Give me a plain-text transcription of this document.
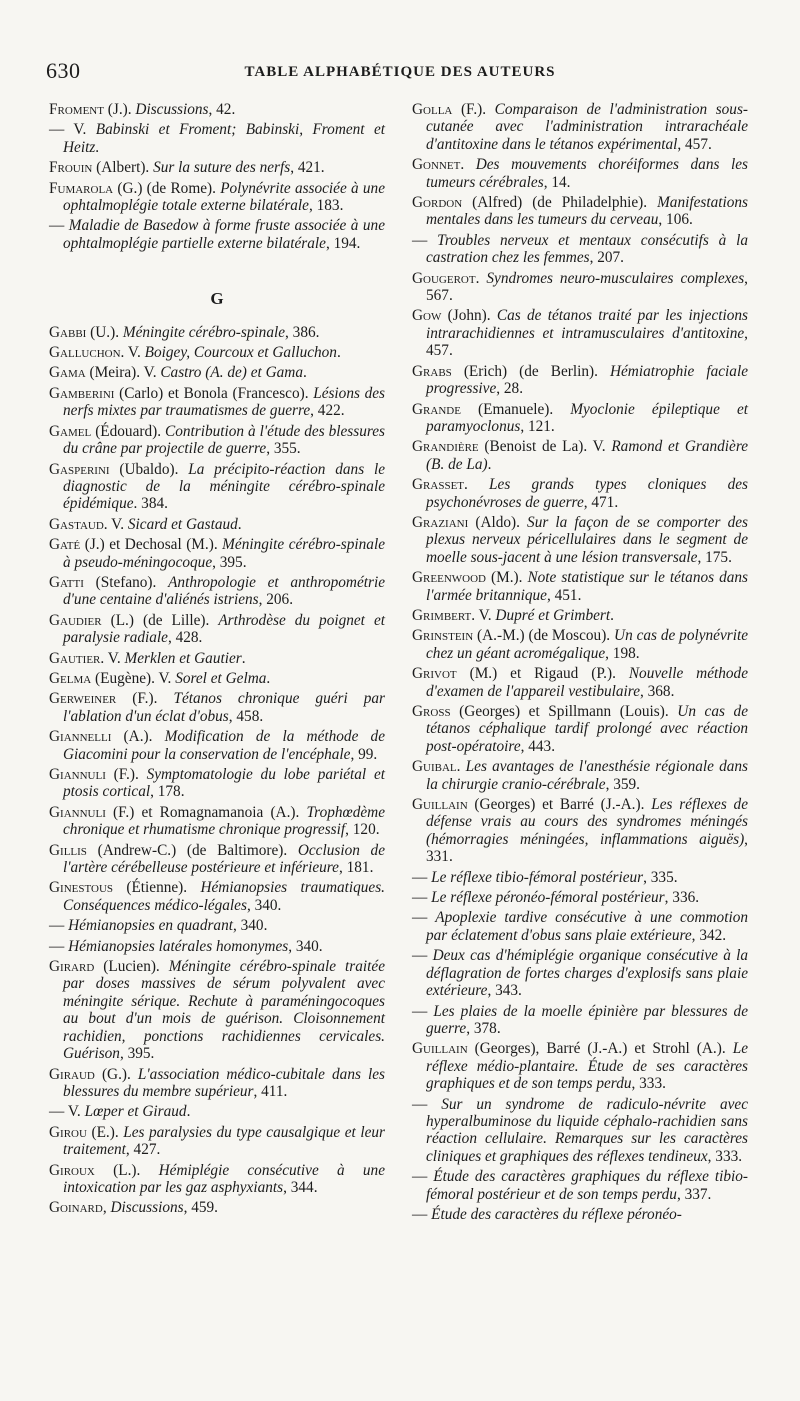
630	TABLE ALPHABÉTIQUE DES AUTEURS

Froment (J.). Discussions, 42.

— V. Babinski et Froment; Babinski, Froment et Heitz.

Frouin (Albert). Sur la suture des nerfs, 421.

Fumarola (G.) (de Rome). Polynévrite associée à une ophtalmoplégie totale externe bilatérale, 183.

— Maladie de Basedow à forme fruste associée à une ophtalmoplégie partielle externe bilatérale, 194.

G

Gabbi (U.). Méningite cérébro-spinale, 386.

Galluchon. V. Boigey, Courcoux et Galluchon.

Gama (Meira). V. Castro (A. de) et Gama.

Gamberini (Carlo) et Bonola (Francesco). Lésions des nerfs mixtes par traumatismes de guerre, 422.

Gamel (Édouard). Contribution à l'étude des blessures du crâne par projectile de guerre, 355.

Gasperini (Ubaldo). La précipito-réaction dans le diagnostic de la méningite cérébro-spinale épidémique. 384.

Gastaud. V. Sicard et Gastaud.

Gaté (J.) et Dechosal (M.). Méningite cérébro-spinale à pseudo-méningocoque, 395.

Gatti (Stefano). Anthropologie et anthropométrie d'une centaine d'aliénés istriens, 206.

Gaudier (L.) (de Lille). Arthrodèse du poignet et paralysie radiale, 428.

Gautier. V. Merklen et Gautier.

Gelma (Eugène). V. Sorel et Gelma.

Gerweiner (F.). Tétanos chronique guéri par l'ablation d'un éclat d'obus, 458.

Giannelli (A.). Modification de la méthode de Giacomini pour la conservation de l'encéphale, 99.

Giannuli (F.). Symptomatologie du lobe pariétal et ptosis cortical, 178.

Giannuli (F.) et Romagnamanoia (A.). Trophœdème chronique et rhumatisme chronique progressif, 120.

Gillis (Andrew-C.) (de Baltimore). Occlusion de l'artère cérébelleuse postérieure et inférieure, 181.

Ginestous (Étienne). Hémianopsies traumatiques. Conséquences médico-légales, 340.

— Hémianopsies en quadrant, 340.

— Hémianopsies latérales homonymes, 340.

Girard (Lucien). Méningite cérébro-spinale traitée par doses massives de sérum polyvalent avec méningite sérique. Rechute à paraméningocoques au bout d'un mois de guérison. Cloisonnement rachidien, ponctions rachidiennes cervicales. Guérison, 395.

Giraud (G.). L'association médico-cubitale dans les blessures du membre supérieur, 411.

— V. Lœper et Giraud.

Girou (E.). Les paralysies du type causalgique et leur traitement, 427.

Giroux (L.). Hémiplégie consécutive à une intoxication par les gaz asphyxiants, 344.

Goinard, Discussions, 459.

Golla (F.). Comparaison de l'administration sous-cutanée avec l'administration intrarachéale d'antitoxine dans le tétanos expérimental, 457.

Gonnet. Des mouvements choréiformes dans les tumeurs cérébrales, 14.

Gordon (Alfred) (de Philadelphie). Manifestations mentales dans les tumeurs du cerveau, 106.

— Troubles nerveux et mentaux consécutifs à la castration chez les femmes, 207.

Gougerot. Syndromes neuro-musculaires complexes, 567.

Gow (John). Cas de tétanos traité par les injections intrarachidiennes et intramusculaires d'antitoxine, 457.

Grabs (Erich) (de Berlin). Hémiatrophie faciale progressive, 28.

Grande (Emanuele). Myoclonie épileptique et paramyoclonus, 121.

Grandière (Benoist de La). V. Ramond et Grandière (B. de La).

Grasset. Les grands types cloniques des psychonévroses de guerre, 471.

Graziani (Aldo). Sur la façon de se comporter des plexus nerveux péricellulaires dans le segment de moelle sous-jacent à une lésion transversale, 175.

Greenwood (M.). Note statistique sur le tétanos dans l'armée britannique, 451.

Grimbert. V. Dupré et Grimbert.

Grinstein (A.-M.) (de Moscou). Un cas de polynévrite chez un géant acromégalique, 198.

Grivot (M.) et Rigaud (P.). Nouvelle méthode d'examen de l'appareil vestibulaire, 368.

Gross (Georges) et Spillmann (Louis). Un cas de tétanos céphalique tardif prolongé avec réaction post-opératoire, 443.

Guibal. Les avantages de l'anesthésie régionale dans la chirurgie cranio-cérébrale, 359.

Guillain (Georges) et Barré (J.-A.). Les réflexes de défense vrais au cours des syndromes méningés (hémorragies méningées, inflammations aiguës), 331.

— Le réflexe tibio-fémoral postérieur, 335.

— Le réflexe péronéo-fémoral postérieur, 336.

— Apoplexie tardive consécutive à une commotion par éclatement d'obus sans plaie extérieure, 342.

— Deux cas d'hémiplégie organique consécutive à la déflagration de fortes charges d'explosifs sans plaie extérieure, 343.

— Les plaies de la moelle épinière par blessures de guerre, 378.

Guillain (Georges), Barré (J.-A.) et Strohl (A.). Le réflexe médio-plantaire. Étude de ses caractères graphiques et de son temps perdu, 333.

— Sur un syndrome de radiculo-névrite avec hyperalbuminose du liquide céphalo-rachidien sans réaction cellulaire. Remarques sur les caractères cliniques et graphiques des réflexes tendineux, 333.

— Étude des caractères graphiques du réflexe tibio-fémoral postérieur et de son temps perdu, 337.

— Étude des caractères du réflexe péronéo-
